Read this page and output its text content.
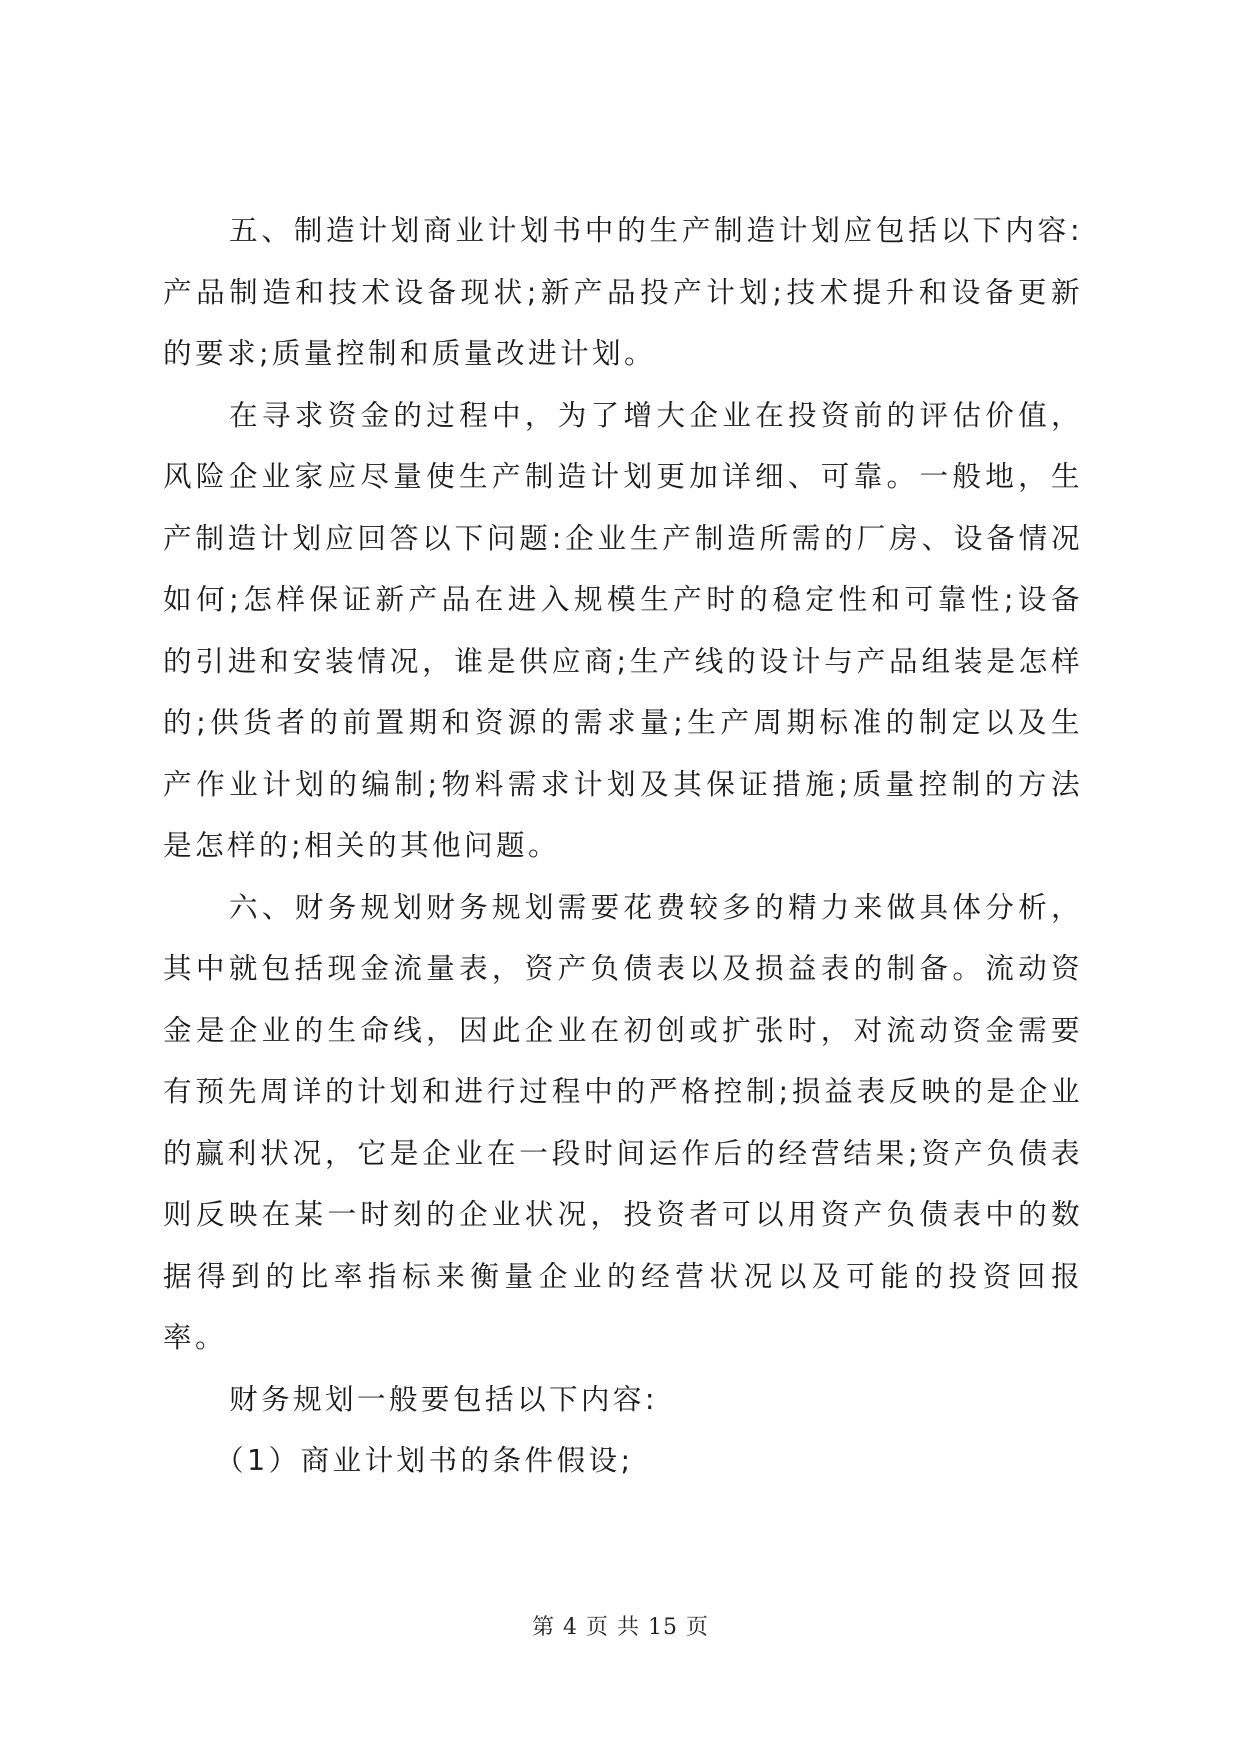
五、制造计划商业计划书中的生产制造计划应包括以下内容:产品制造和技术设备现状;新产品投产计划;技术提升和设备更新的要求;质量控制和质量改进计划。

在寻求资金的过程中，为了增大企业在投资前的评估价值，风险企业家应尽量使生产制造计划更加详细、可靠。一般地，生产制造计划应回答以下问题:企业生产制造所需的厂房、设备情况如何;怎样保证新产品在进入规模生产时的稳定性和可靠性;设备的引进和安装情况，谁是供应商;生产线的设计与产品组装是怎样的;供货者的前置期和资源的需求量;生产周期标准的制定以及生产作业计划的编制;物料需求计划及其保证措施;质量控制的方法是怎样的;相关的其他问题。

六、财务规划财务规划需要花费较多的精力来做具体分析，其中就包括现金流量表，资产负债表以及损益表的制备。流动资金是企业的生命线，因此企业在初创或扩张时，对流动资金需要有预先周详的计划和进行过程中的严格控制;损益表反映的是企业的赢利状况，它是企业在一段时间运作后的经营结果;资产负债表则反映在某一时刻的企业状况，投资者可以用资产负债表中的数据得到的比率指标来衡量企业的经营状况以及可能的投资回报率。

财务规划一般要包括以下内容:

（1）商业计划书的条件假设;

第 4 页 共 15 页
